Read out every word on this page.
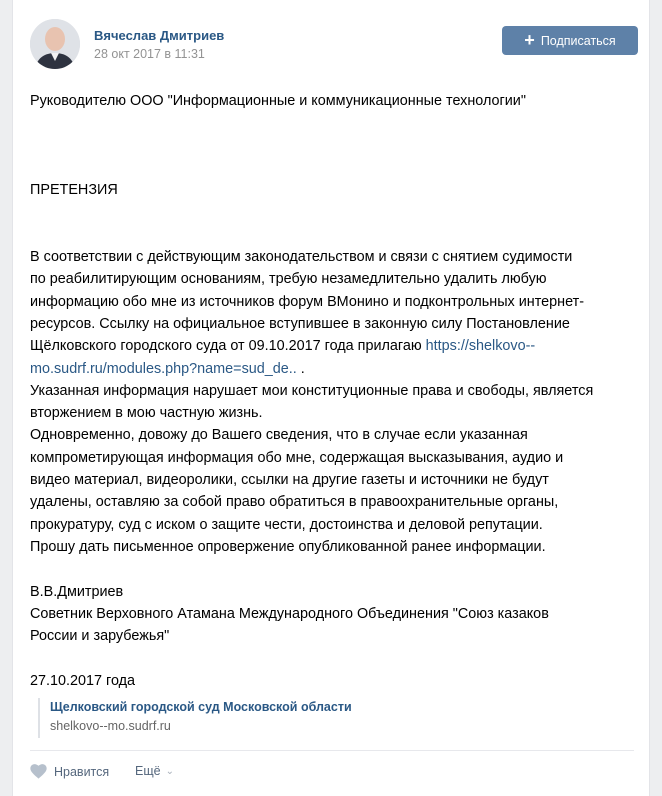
Вячеслав Дмитриев
28 окт 2017 в 11:31
+ Подписаться

Руководителю ООО "Информационные и коммуникационные технологии"

ПРЕТЕНЗИЯ

В соответствии с действующим законодательством и связи с снятием судимости

по реабилитирующим основаниям, требую незамедлительно удалить любую

информацию обо мне из источников форум ВМонино и подконтрольных интернет-

ресурсов. Ссылку на официальное вступившее в законную силу Постановление

Щёлковского городского суда от 09.10.2017 года прилагаю https://shelkovo--

mo.sudrf.ru/modules.php?name=sud_de.. .

Указанная информация нарушает мои конституционные права и свободы, является

вторжением в мою частную жизнь.

Одновременно, довожу до Вашего сведения, что в случае если указанная

компрометирующая информация обо мне, содержащая высказывания, аудио и

видео материал, видеоролики, ссылки на другие газеты и источники не будут

удалены, оставляю за собой право обратиться в правоохранительные органы,

прокуратуру, суд с иском о защите чести, достоинства и деловой репутации.

Прошу дать письменное опровержение опубликованной ранее информации.

В.В.Дмитриев

Советник Верховного Атамана Международного Объединения "Союз казаков

России и зарубежья"

27.10.2017 года

Щелковский городской суд Московской области
shelkovo--mo.sudrf.ru
Нравится Ещё ⌄
